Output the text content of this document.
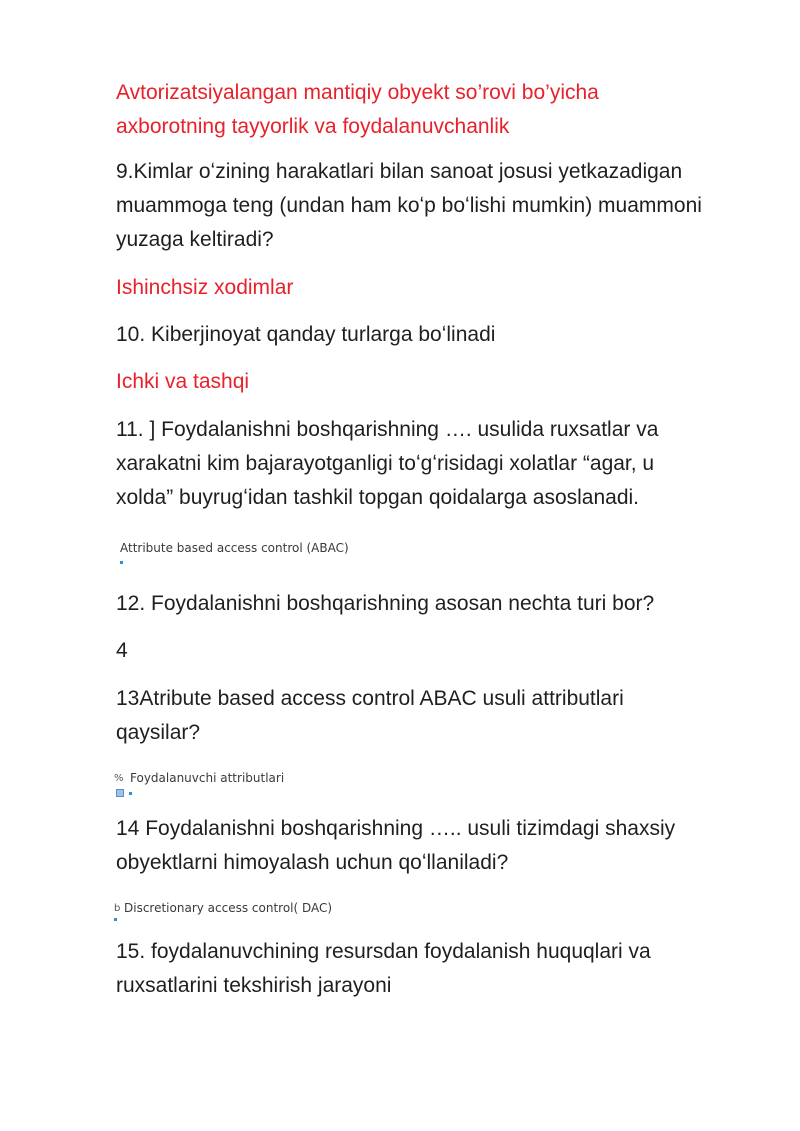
Avtorizatsiyalangan mantiqiy obyekt so’rovi bo’yicha axborotning tayyorlik va foydalanuvchanlik
9.Kimlar oʻzining harakatlari bilan sanoat josusi yetkazadigan muammoga teng (undan ham koʻp boʻlishi mumkin) muammoni yuzaga keltiradi?
Ishinchsiz xodimlar
10. Kiberjinoyat qanday turlarga boʻlinadi
Ichki va tashqi
11. ] Foydalanishni boshqarishning …. usulida ruxsatlar va xarakatni kim bajarayotganligi toʻgʻrisidagi xolatlar “agar, u xolda” buyrugʻidan tashkil topgan qoidalarga asoslanadi.
Attribute based access control (ABAC)
12. Foydalanishni boshqarishning asosan nechta turi bor?
4
13Atribute based access control ABAC usuli attributlari qaysilar?
% Foydalanuvchi attributlari
14 Foydalanishni boshqarishning ….. usuli tizimdagi shaxsiy obyektlarni himoyalash uchun qoʻllaniladi?
b Discretionary access control( DAC)
15. foydalanuvchining resursdan foydalanish huquqlari va ruxsatlarini tekshirish jarayoni
